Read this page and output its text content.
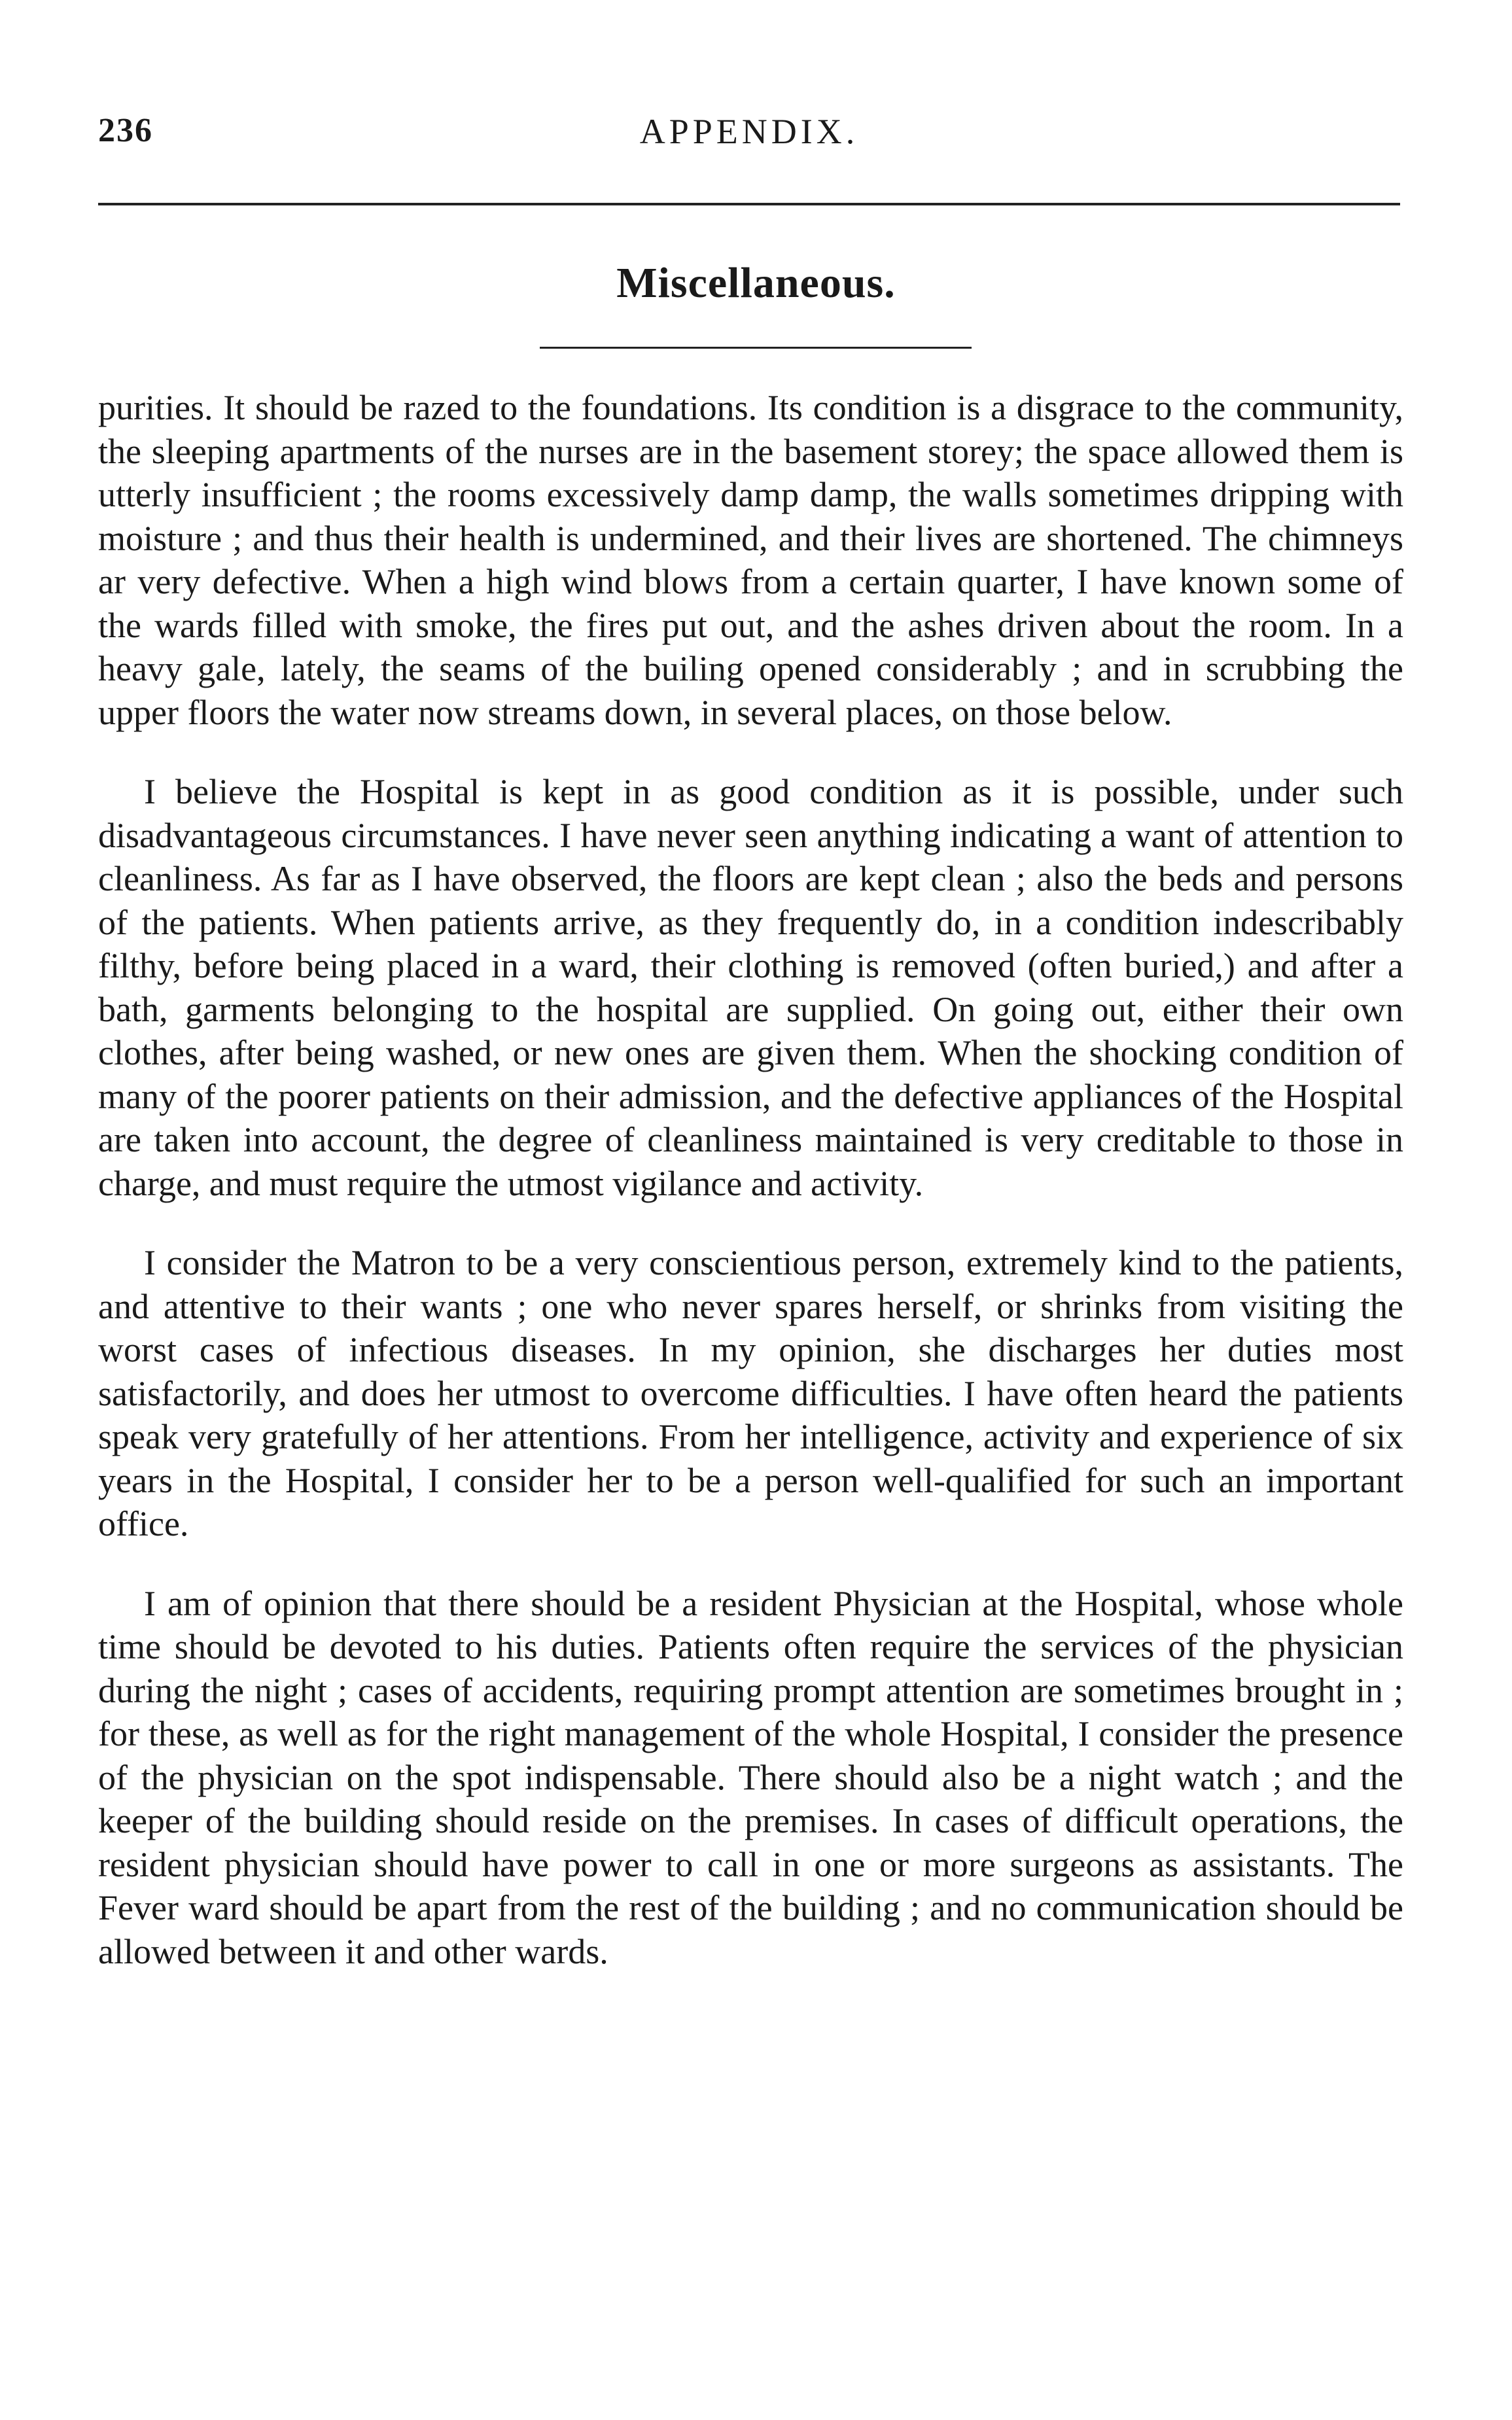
236	APPENDIX.
Miscellaneous.

purities. It should be razed to the foundations. Its condition is a disgrace to the community, the sleeping apartments of the nurses are in the basement storey; the space allowed them is utterly insufficient ; the rooms excessively damp damp, the walls sometimes dripping with moisture ; and thus their health is undermined, and their lives are shortened. The chimneys ar very defective. When a high wind blows from a certain quarter, I have known some of the wards filled with smoke, the fires put out, and the ashes driven about the room. In a heavy gale, lately, the seams of the builing opened considerably ; and in scrubbing the upper floors the water now streams down, in several places, on those below.

I believe the Hospital is kept in as good condition as it is possible, under such disadvantageous circumstances. I have never seen anything indicating a want of attention to cleanliness. As far as I have observed, the floors are kept clean ; also the beds and persons of the patients. When patients arrive, as they frequently do, in a condition indescribably filthy, before being placed in a ward, their clothing is removed (often buried,) and after a bath, garments belonging to the hospital are supplied. On going out, either their own clothes, after being washed, or new ones are given them. When the shocking condition of many of the poorer patients on their admission, and the defective appliances of the Hospital are taken into account, the degree of cleanliness maintained is very creditable to those in charge, and must require the utmost vigilance and activity.

I consider the Matron to be a very conscientious person, extremely kind to the patients, and attentive to their wants ; one who never spares herself, or shrinks from visiting the worst cases of infectious diseases. In my opinion, she discharges her duties most satisfactorily, and does her utmost to overcome difficulties. I have often heard the patients speak very gratefully of her attentions. From her intelligence, activity and experience of six years in the Hospital, I consider her to be a person well-qualified for such an important office.

I am of opinion that there should be a resident Physician at the Hospital, whose whole time should be devoted to his duties. Patients often require the services of the physician during the night ; cases of accidents, requiring prompt attention are sometimes brought in ; for these, as well as for the right management of the whole Hospital, I consider the presence of the physician on the spot indispensable. There should also be a night watch ; and the keeper of the building should reside on the premises. In cases of difficult operations, the resident physician should have power to call in one or more surgeons as assistants. The Fever ward should be apart from the rest of the building ; and no communication should be allowed between it and other wards.
